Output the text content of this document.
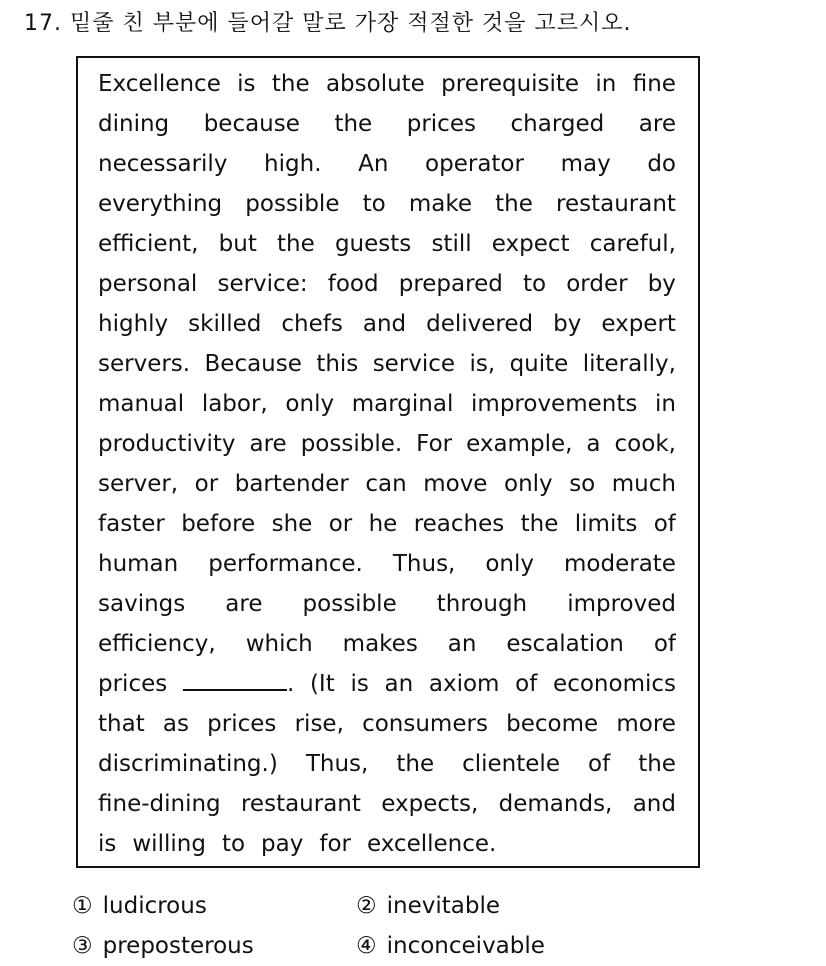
17. 밑줄 친 부분에 들어갈 말로 가장 적절한 것을 고르시오.
Excellence is the absolute prerequisite in fine
dining because the prices charged are
necessarily high. An operator may do
everything possible to make the restaurant
efficient, but the guests still expect careful,
personal service: food prepared to order by
highly skilled chefs and delivered by expert
servers. Because this service is, quite literally,
manual labor, only marginal improvements in
productivity are possible. For example, a cook,
server, or bartender can move only so much
faster before she or he reaches the limits of
human performance. Thus, only moderate
savings are possible through improved
efficiency, which makes an escalation of
prices	. (It is an axiom of economics
that as prices rise, consumers become more
discriminating.) Thus, the clientele of the
fine-dining restaurant expects, demands, and
is willing to pay for excellence.
① ludicrous	② inevitable
③ preposterous	④ inconceivable
